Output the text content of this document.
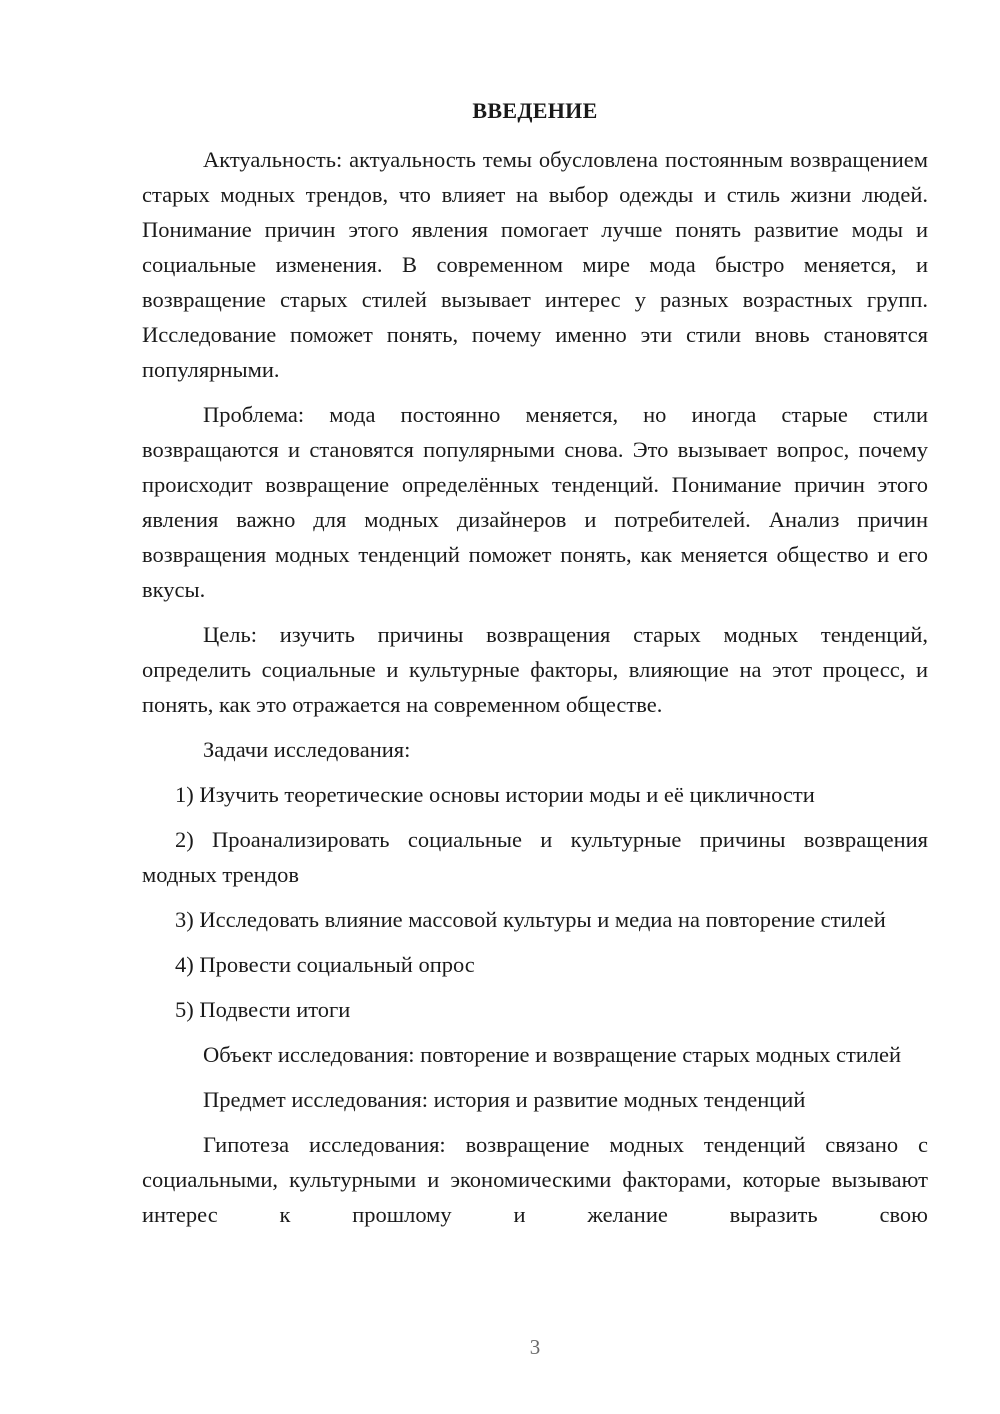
ВВЕДЕНИЕ

Актуальность: актуальность темы обусловлена постоянным возвращением старых модных трендов, что влияет на выбор одежды и стиль жизни людей. Понимание причин этого явления помогает лучше понять развитие моды и социальные изменения. В современном мире мода быстро меняется, и возвращение старых стилей вызывает интерес у разных возрастных групп. Исследование поможет понять, почему именно эти стили вновь становятся популярными.

Проблема: мода постоянно меняется, но иногда старые стили возвращаются и становятся популярными снова. Это вызывает вопрос, почему происходит возвращение определённых тенденций. Понимание причин этого явления важно для модных дизайнеров и потребителей. Анализ причин возвращения модных тенденций поможет понять, как меняется общество и его вкусы.

Цель: изучить причины возвращения старых модных тенденций, определить социальные и культурные факторы, влияющие на этот процесс, и понять, как это отражается на современном обществе.

Задачи исследования:

1) Изучить теоретические основы истории моды и её цикличности

2) Проанализировать социальные и культурные причины возвращения модных трендов

3) Исследовать влияние массовой культуры и медиа на повторение стилей

4) Провести социальный опрос

5) Подвести итоги

Объект исследования: повторение и возвращение старых модных стилей

Предмет исследования: история и развитие модных тенденций

Гипотеза исследования: возвращение модных тенденций связано с социальными, культурными и экономическими факторами, которые вызывают интерес к прошлому и желание выразить свою

3
